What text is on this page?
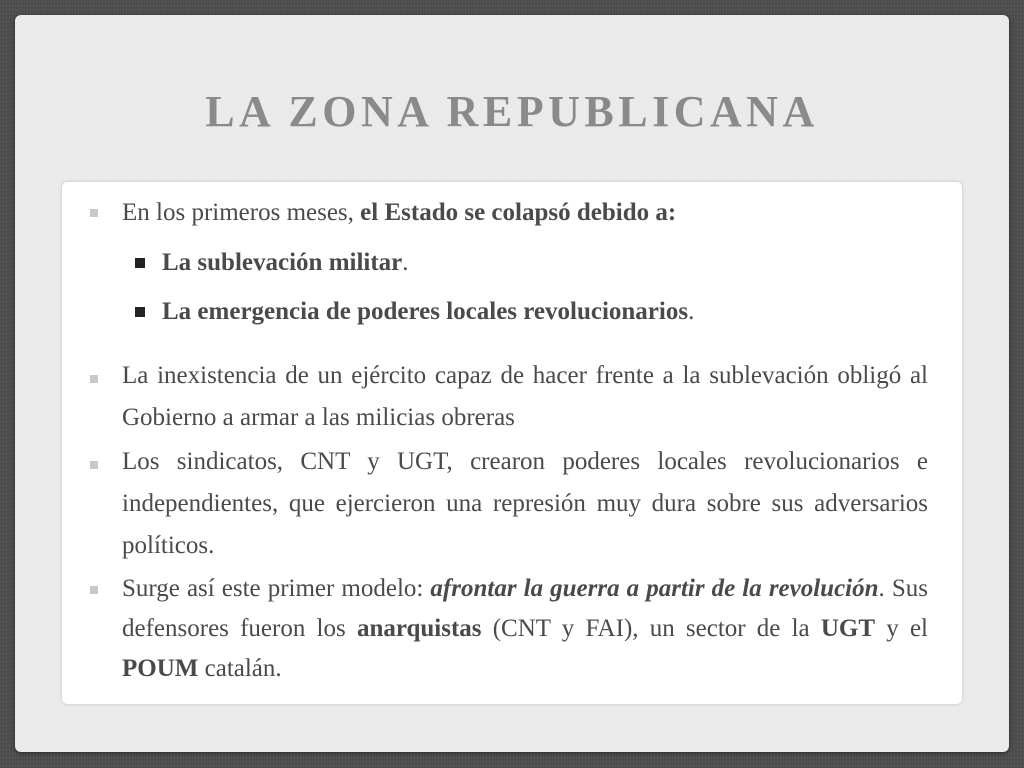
LA ZONA REPUBLICANA
En los primeros meses, el Estado se colapsó debido a:
La sublevación militar.
La emergencia de poderes locales revolucionarios.
La inexistencia de un ejército capaz de hacer frente a la sublevación obligó al Gobierno a armar a las milicias obreras
Los sindicatos, CNT y UGT, crearon poderes locales revolucionarios e independientes, que ejercieron una represión muy dura sobre sus adversarios políticos.
Surge así este primer modelo: afrontar la guerra a partir de la revolución. Sus defensores fueron los anarquistas (CNT y FAI), un sector de la UGT y el POUM catalán.
